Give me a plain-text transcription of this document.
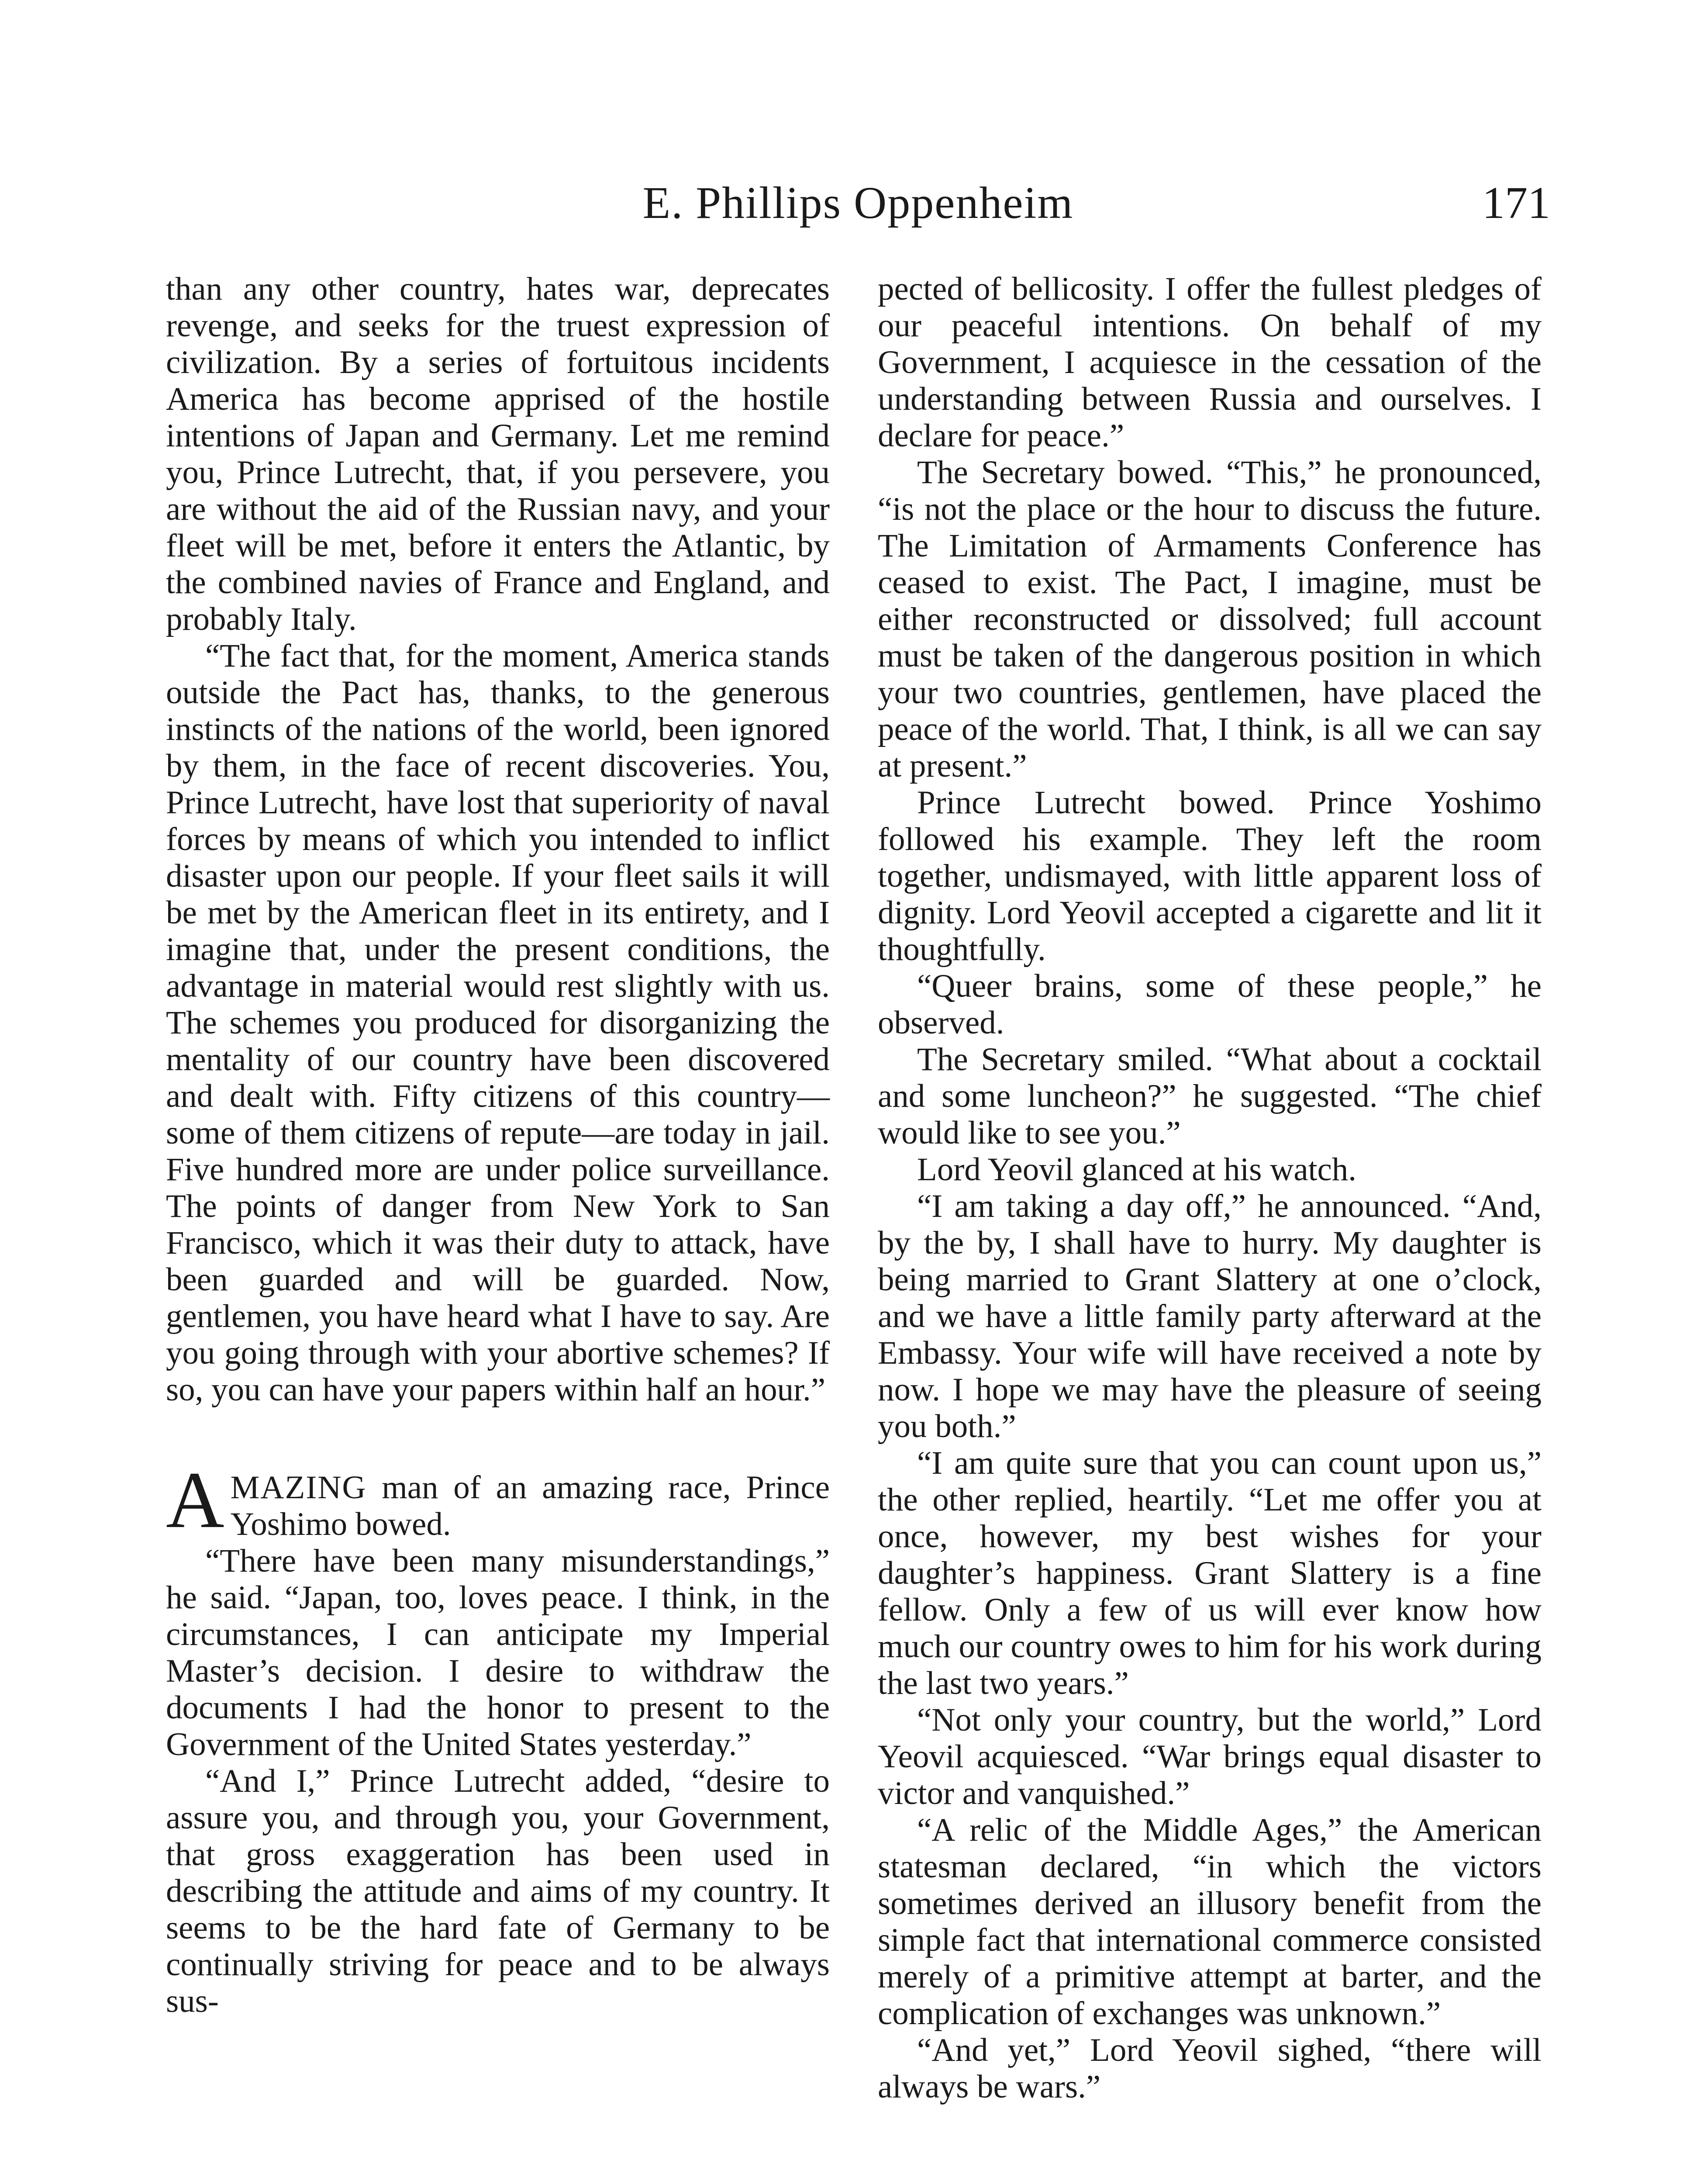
E. Phillips Oppenheim	171

than any other country, hates war, deprecates revenge, and seeks for the truest expression of civilization. By a series of fortuitous incidents America has become apprised of the hostile intentions of Japan and Germany. Let me remind you, Prince Lutrecht, that, if you persevere, you are without the aid of the Russian navy, and your fleet will be met, before it enters the Atlantic, by the combined navies of France and England, and probably Italy.

“The fact that, for the moment, America stands outside the Pact has, thanks, to the generous instincts of the nations of the world, been ignored by them, in the face of recent discoveries. You, Prince Lutrecht, have lost that superiority of naval forces by means of which you intended to inflict disaster upon our people. If your fleet sails it will be met by the American fleet in its entirety, and I imagine that, under the present conditions, the advantage in material would rest slightly with us. The schemes you produced for disorganizing the mentality of our country have been discovered and dealt with. Fifty citizens of this country—some of them citizens of repute—are today in jail. Five hundred more are under police surveillance. The points of danger from New York to San Francisco, which it was their duty to attack, have been guarded and will be guarded. Now, gentlemen, you have heard what I have to say. Are you going through with your abortive schemes? If so, you can have your papers within half an hour.”

AMAZING man of an amazing race, Prince Yoshimo bowed.

“There have been many misunderstandings,” he said. “Japan, too, loves peace. I think, in the circumstances, I can anticipate my Imperial Master’s decision. I desire to withdraw the documents I had the honor to present to the Government of the United States yesterday.”

“And I,” Prince Lutrecht added, “desire to assure you, and through you, your Government, that gross exaggeration has been used in describing the attitude and aims of my country. It seems to be the hard fate of Germany to be continually striving for peace and to be always sus-

pected of bellicosity. I offer the fullest pledges of our peaceful intentions. On behalf of my Government, I acquiesce in the cessation of the understanding between Russia and ourselves. I declare for peace.”

The Secretary bowed. “This,” he pronounced, “is not the place or the hour to discuss the future. The Limitation of Armaments Conference has ceased to exist. The Pact, I imagine, must be either reconstructed or dissolved; full account must be taken of the dangerous position in which your two countries, gentlemen, have placed the peace of the world. That, I think, is all we can say at present.”

Prince Lutrecht bowed. Prince Yoshimo followed his example. They left the room together, undismayed, with little apparent loss of dignity. Lord Yeovil accepted a cigarette and lit it thoughtfully.

“Queer brains, some of these people,” he observed.

The Secretary smiled. “What about a cocktail and some luncheon?” he suggested. “The chief would like to see you.”

Lord Yeovil glanced at his watch.

“I am taking a day off,” he announced. “And, by the by, I shall have to hurry. My daughter is being married to Grant Slattery at one o’clock, and we have a little family party afterward at the Embassy. Your wife will have received a note by now. I hope we may have the pleasure of seeing you both.”

“I am quite sure that you can count upon us,” the other replied, heartily. “Let me offer you at once, however, my best wishes for your daughter’s happiness. Grant Slattery is a fine fellow. Only a few of us will ever know how much our country owes to him for his work during the last two years.”

“Not only your country, but the world,” Lord Yeovil acquiesced. “War brings equal disaster to victor and vanquished.”

“A relic of the Middle Ages,” the American statesman declared, “in which the victors sometimes derived an illusory benefit from the simple fact that international commerce consisted merely of a primitive attempt at barter, and the complication of exchanges was unknown.”

“And yet,” Lord Yeovil sighed, “there will always be wars.”
